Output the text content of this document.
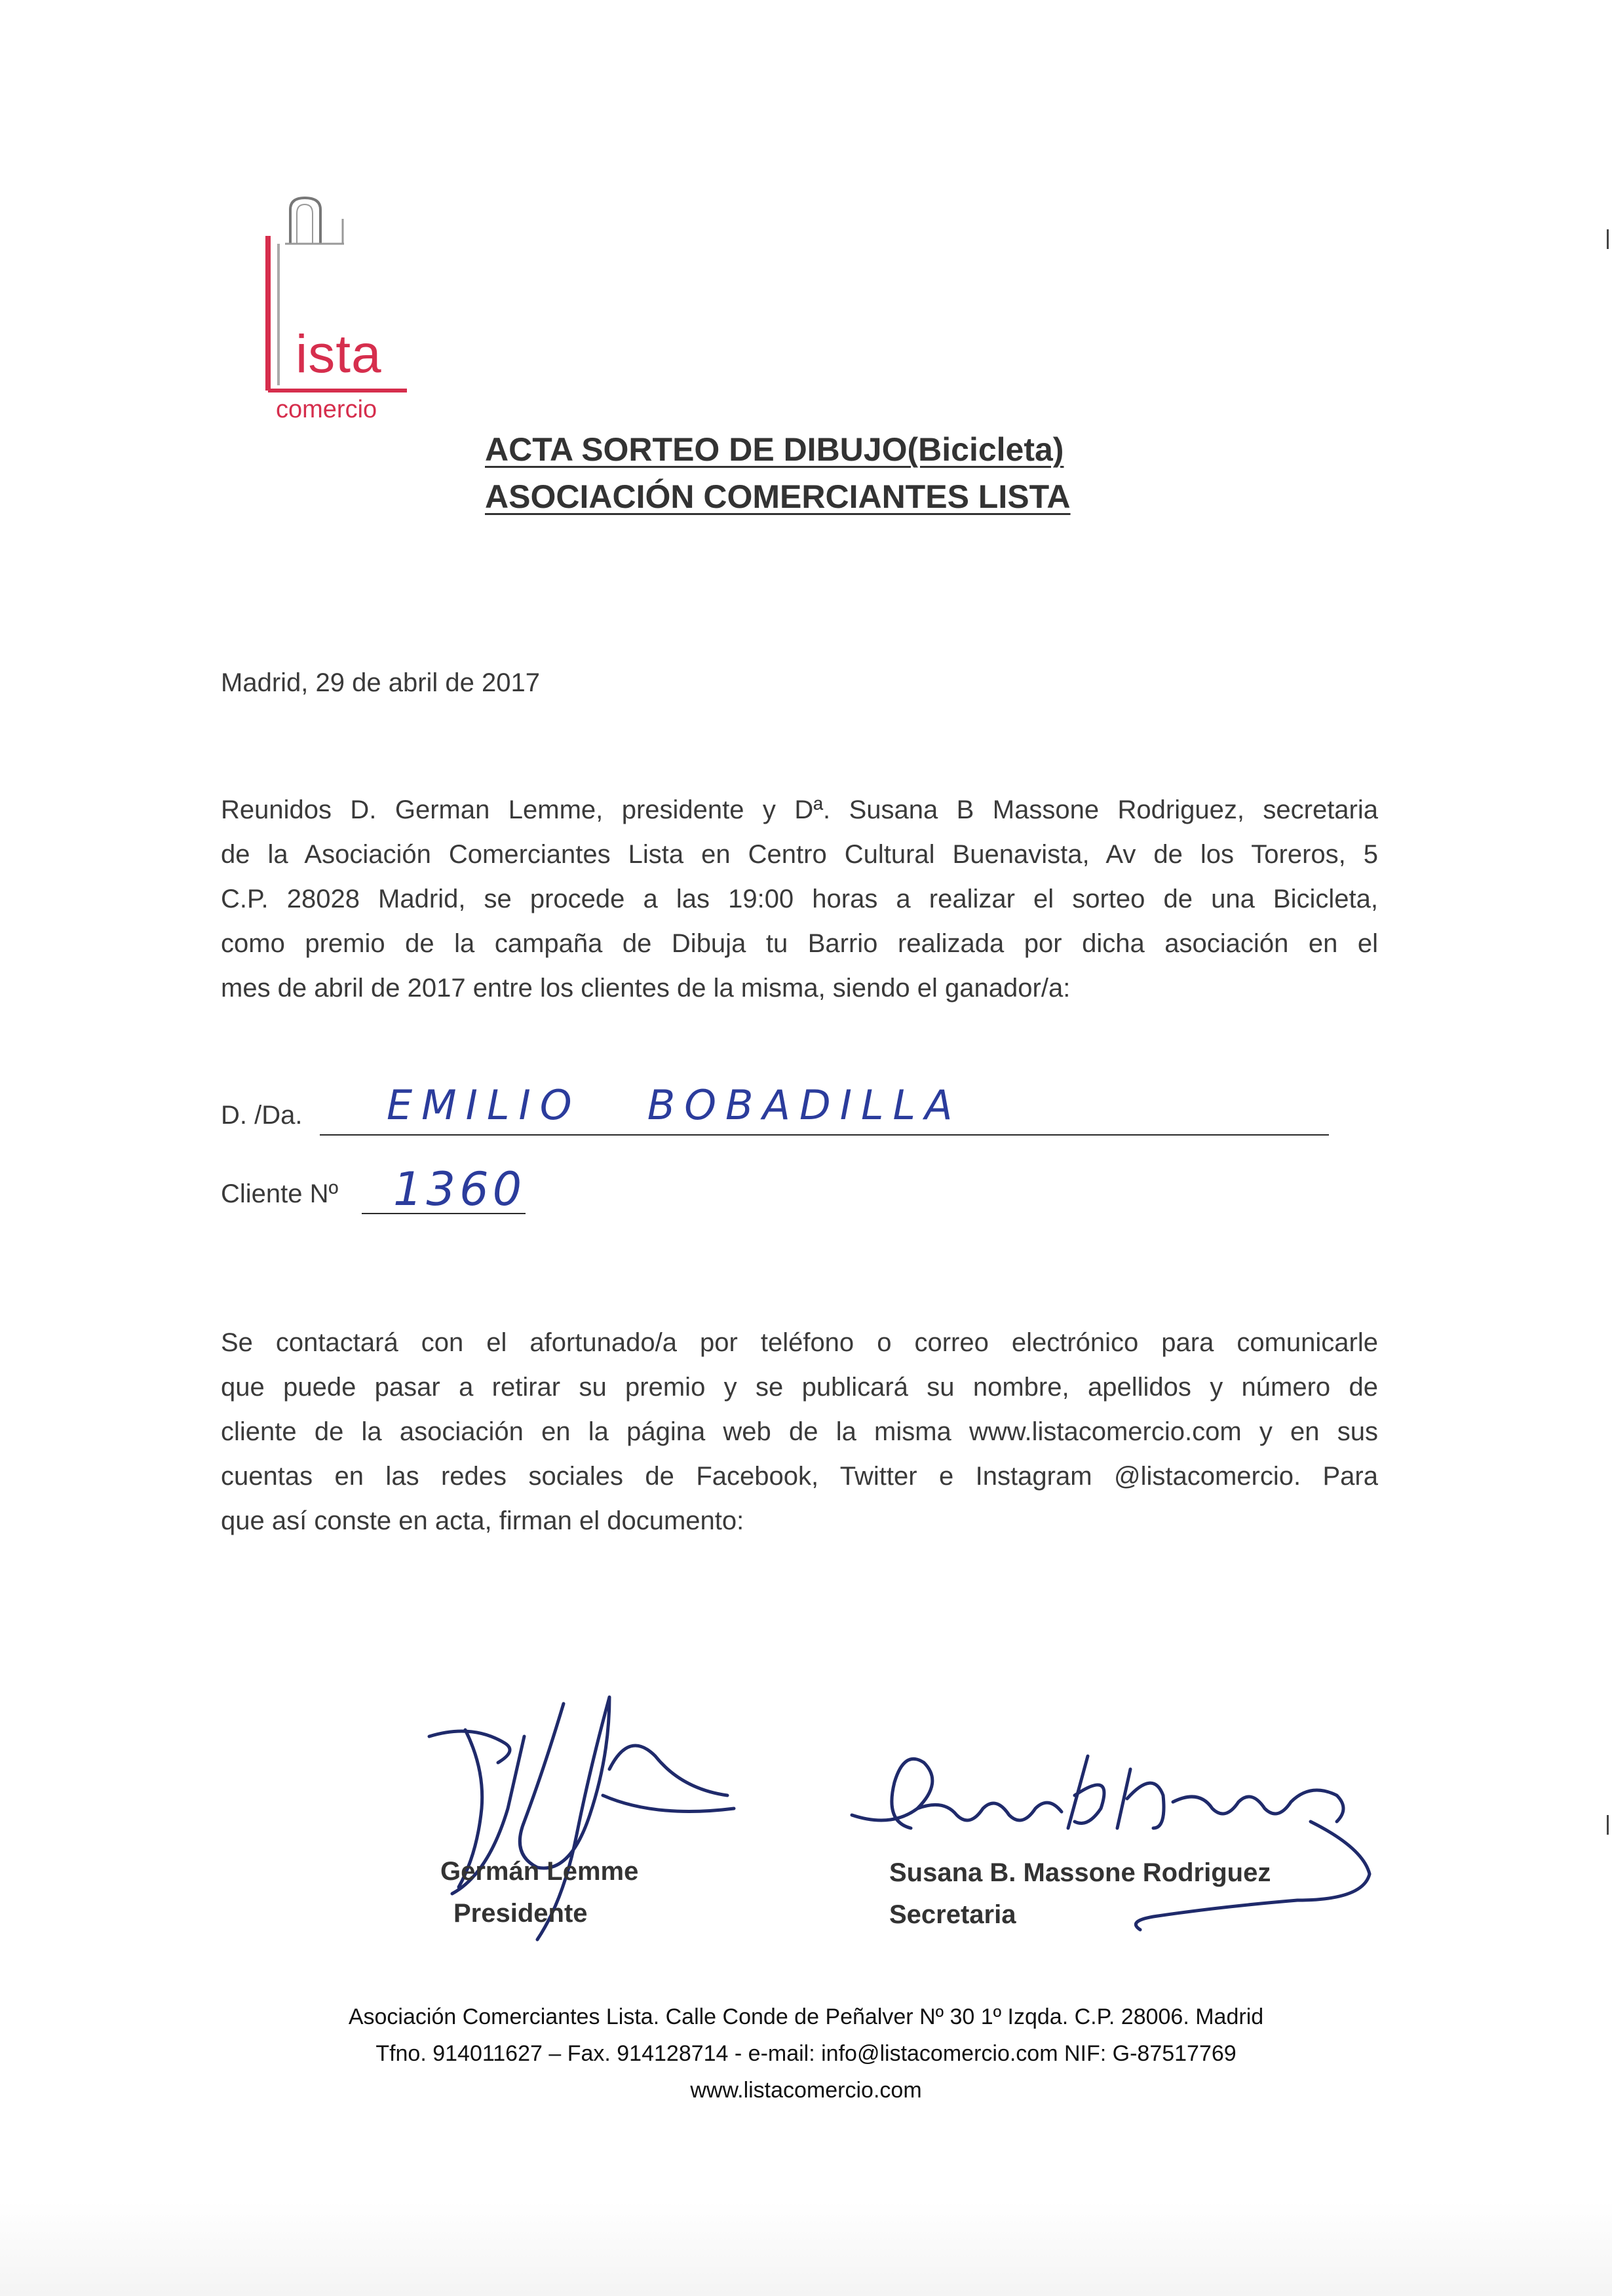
ista
comercio
ACTA SORTEO DE DIBUJO(Bicicleta)
ASOCIACIÓN COMERCIANTES LISTA
Madrid, 29 de abril de 2017
Reunidos D. German Lemme, presidente y Dª. Susana B Massone Rodriguez, secretaria
de la Asociación Comerciantes Lista en Centro Cultural Buenavista, Av de los Toreros, 5
C.P. 28028 Madrid, se procede a las 19:00 horas a realizar el sorteo de una Bicicleta,
como premio de la campaña de Dibuja tu Barrio realizada por dicha asociación en el
mes de abril de 2017 entre los clientes de la misma, siendo el ganador/a:
D. /Da. EMILIO   BOBADILLA
Cliente Nº 1360
Se contactará con el afortunado/a por teléfono o correo electrónico para comunicarle
que puede pasar a retirar su premio y se publicará su nombre, apellidos y número de
cliente de la asociación en la página web de la misma www.listacomercio.com y en sus
cuentas en las redes sociales de Facebook, Twitter e Instagram @listacomercio. Para
que así conste en acta, firman el documento:
Germán Lemme
Presidente
Susana B. Massone Rodriguez
Secretaria
Asociación Comerciantes Lista. Calle Conde de Peñalver Nº 30 1º Izqda. C.P. 28006. Madrid
Tfno. 914011627 – Fax. 914128714 - e-mail: info@listacomercio.com NIF: G-87517769
www.listacomercio.com
